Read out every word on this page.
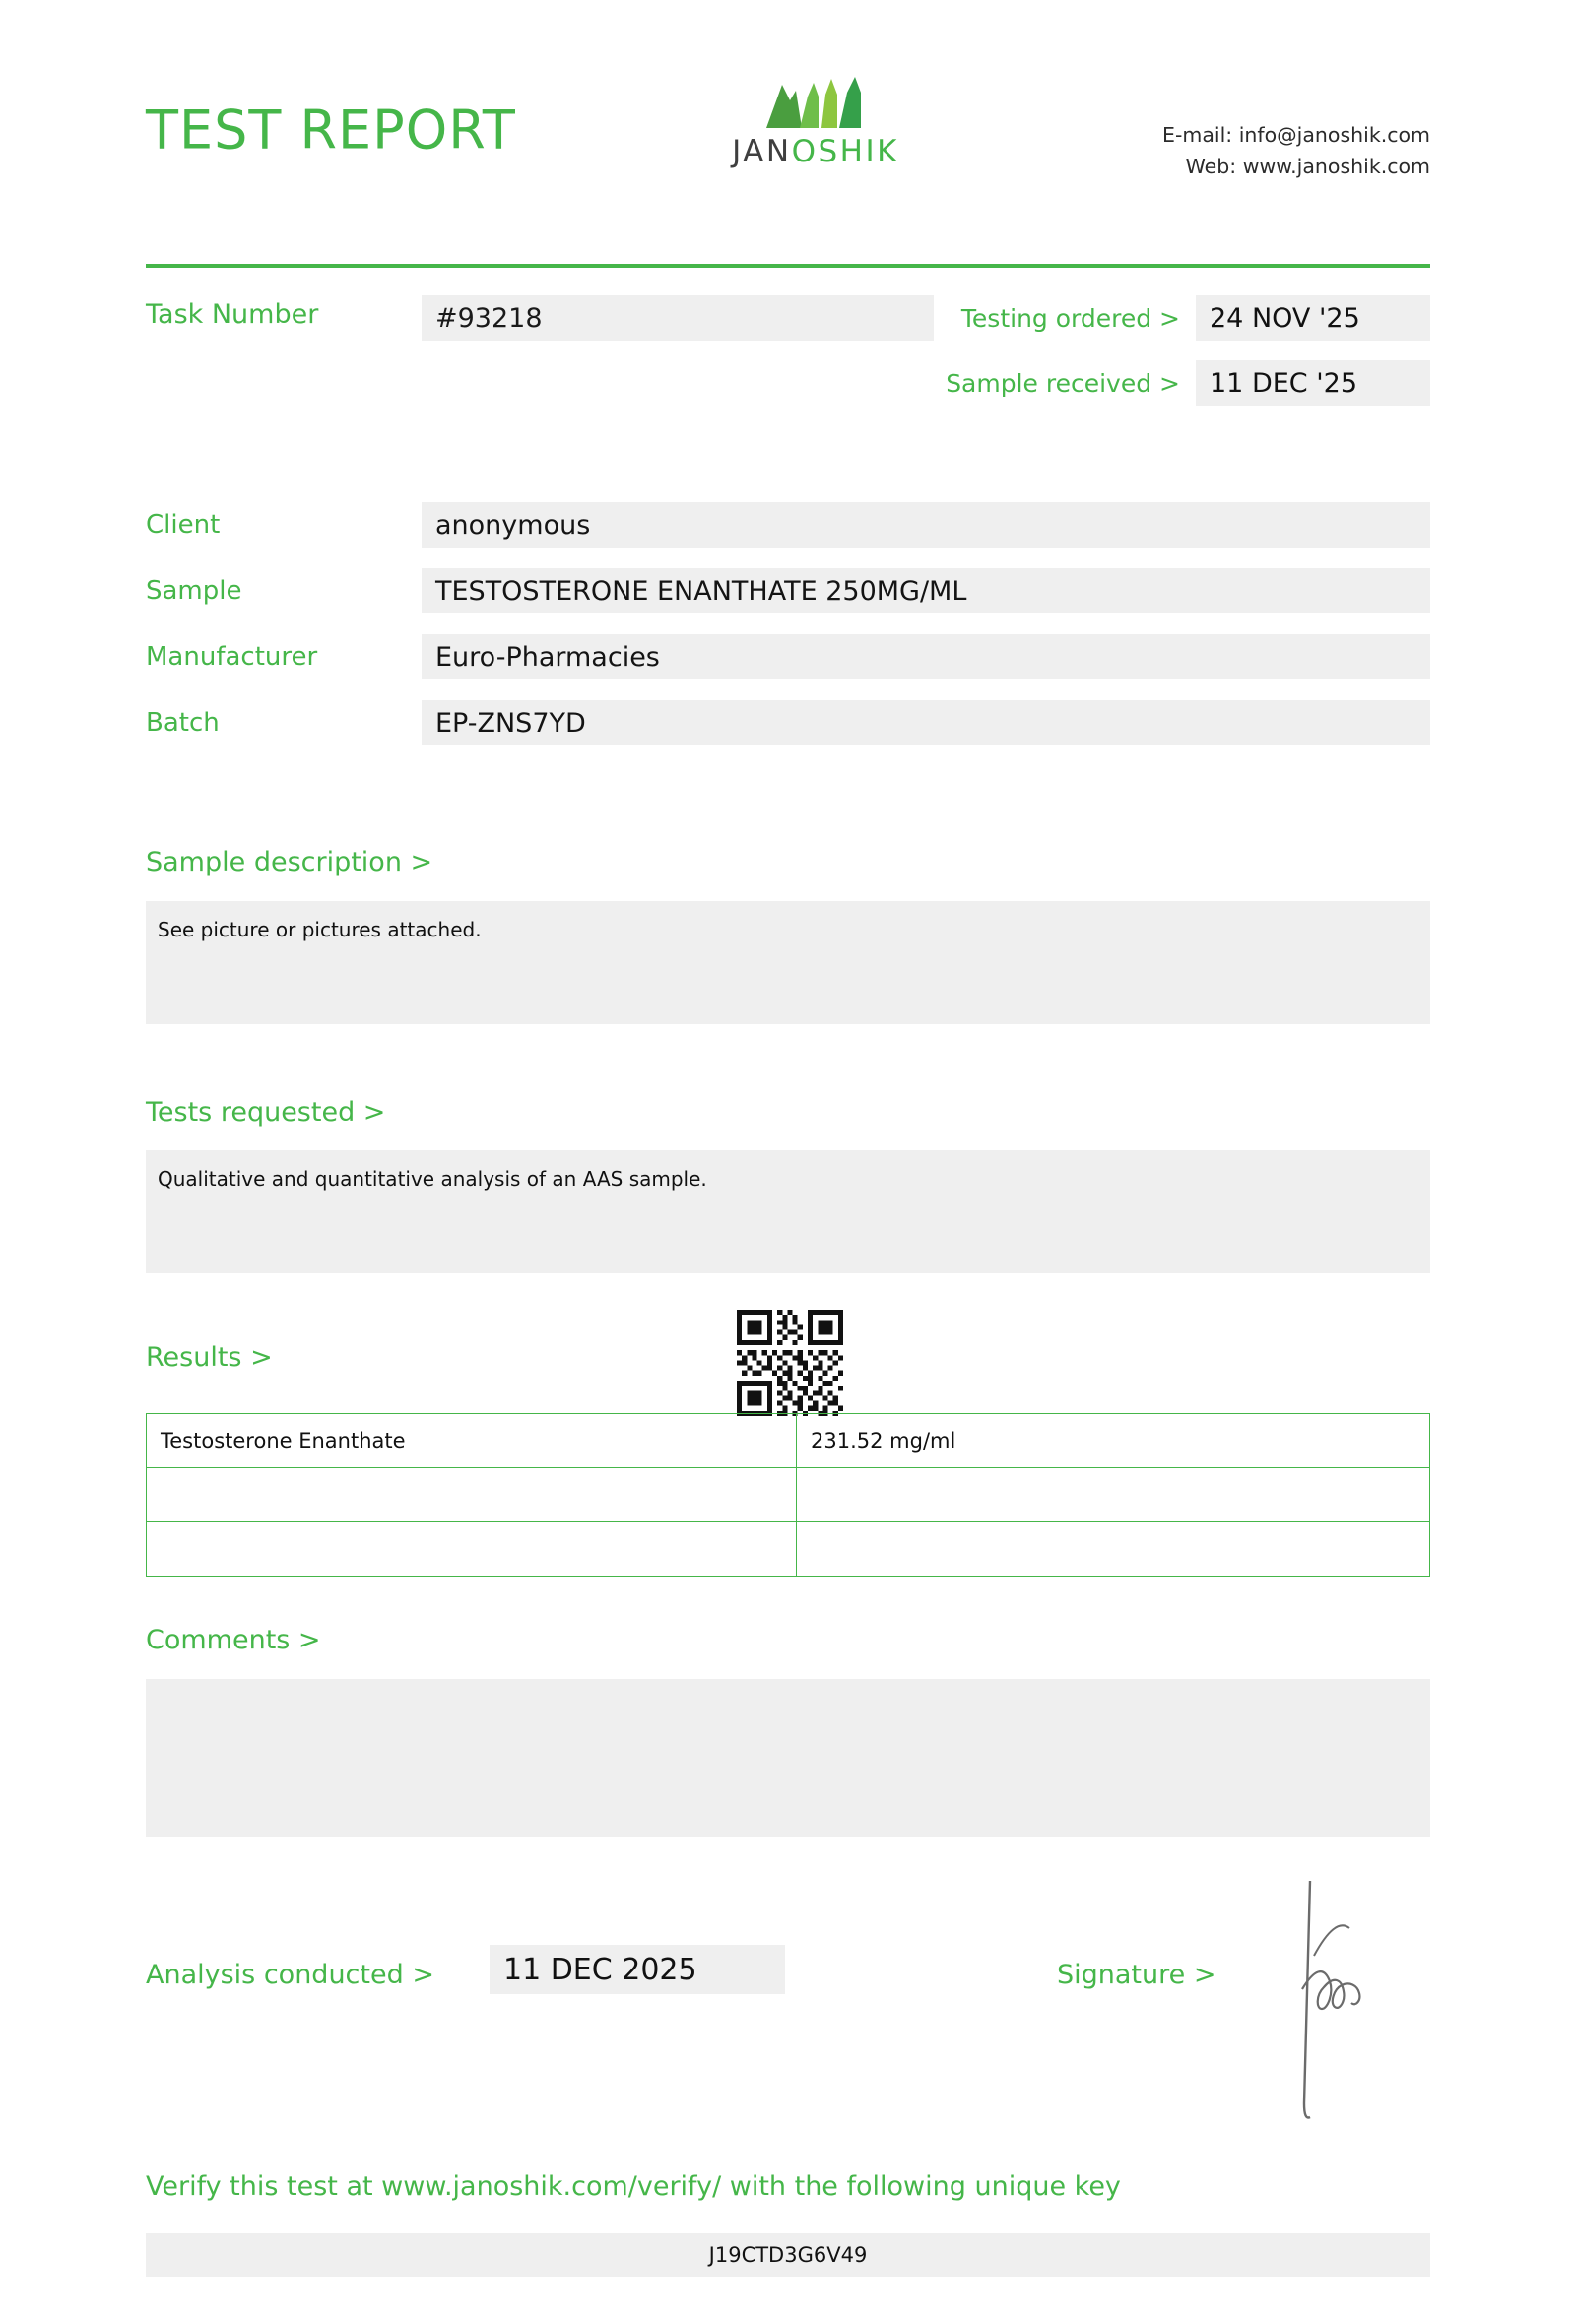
TEST REPORT	JANOSHIK	E-mail: info@janoshik.com
Web: www.janoshik.com
Task Number	#93218	Testing ordered >	24 NOV '25
Sample received >	11 DEC '25
Client	anonymous
Sample	TESTOSTERONE ENANTHATE 250MG/ML
Manufacturer	Euro-Pharmacies
Batch	EP-ZNS7YD
Sample description >
See picture or pictures attached.
Tests requested >
Qualitative and quantitative analysis of an AAS sample.
Results >
Testosterone Enanthate	231.52 mg/ml

Comments >
Analysis conducted >	11 DEC 2025	Signature >
Verify this test at www.janoshik.com/verify/ with the following unique key
J19CTD3G6V49
